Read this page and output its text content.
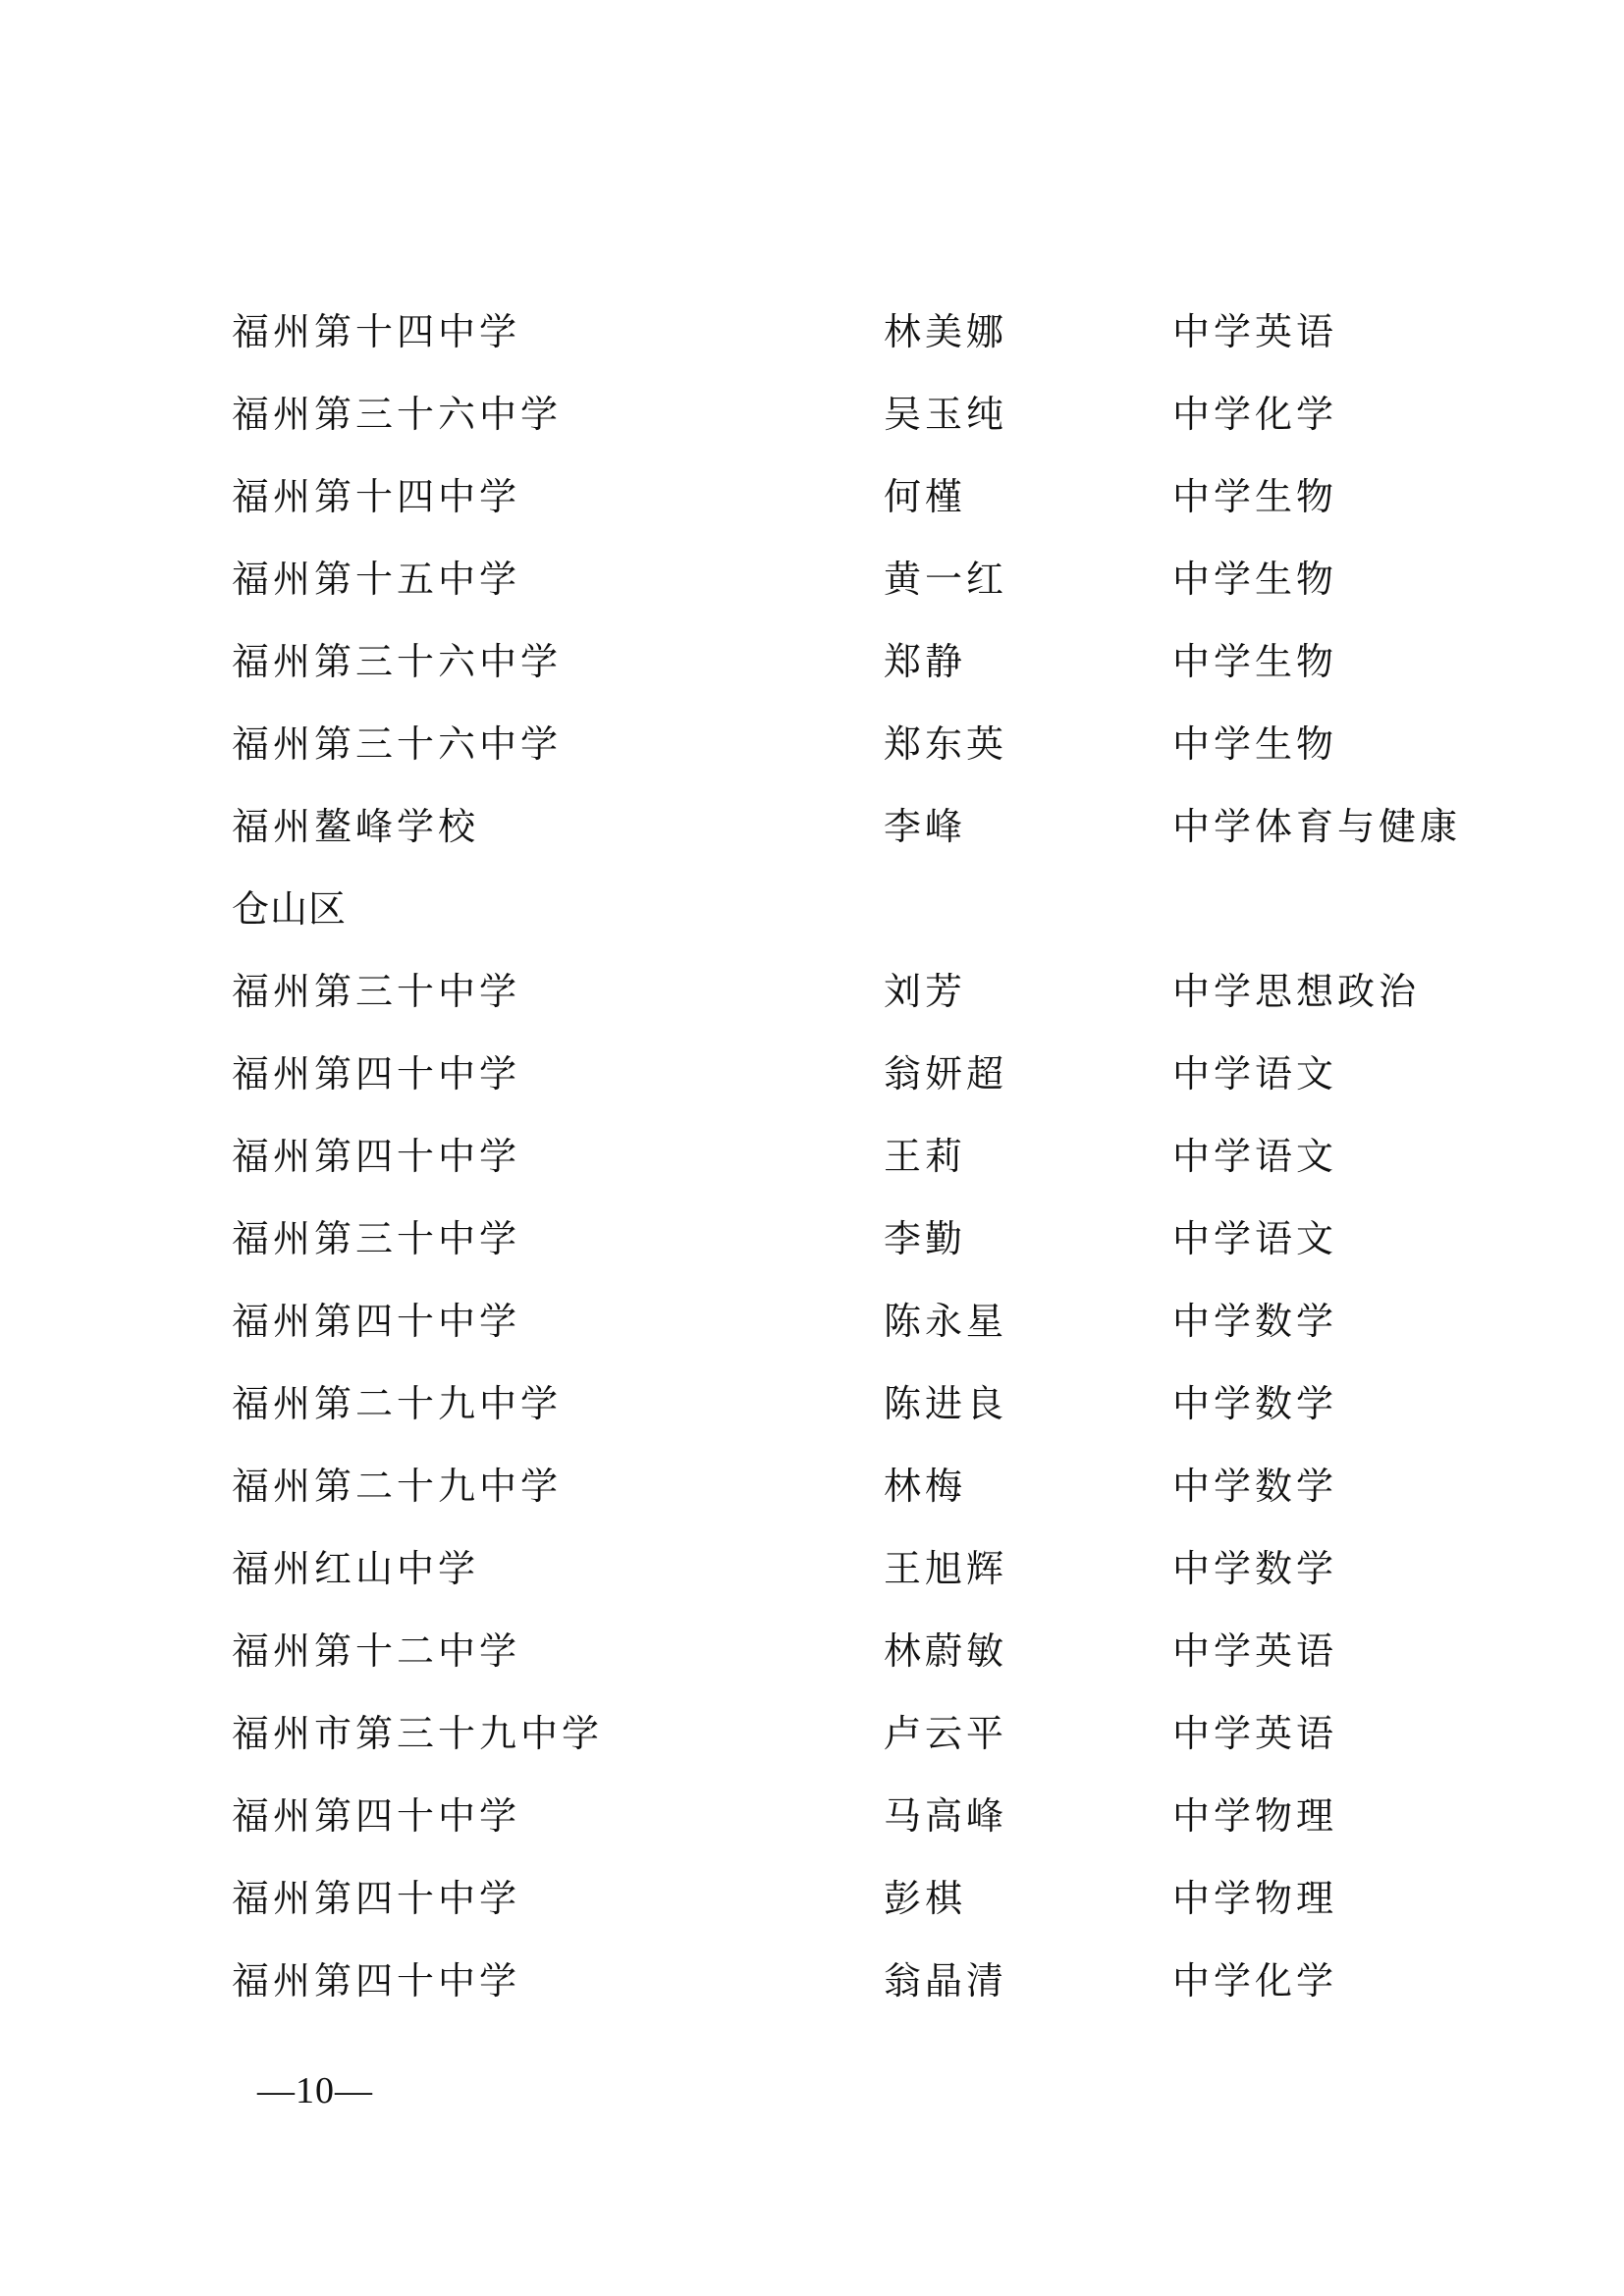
福州第十四中学	林美娜	中学英语
福州第三十六中学	吴玉纯	中学化学
福州第十四中学	何槿	中学生物
福州第十五中学	黄一红	中学生物
福州第三十六中学	郑静	中学生物
福州第三十六中学	郑东英	中学生物
福州鳌峰学校	李峰	中学体育与健康
仓山区
福州第三十中学	刘芳	中学思想政治
福州第四十中学	翁妍超	中学语文
福州第四十中学	王莉	中学语文
福州第三十中学	李勤	中学语文
福州第四十中学	陈永星	中学数学
福州第二十九中学	陈进良	中学数学
福州第二十九中学	林梅	中学数学
福州红山中学	王旭辉	中学数学
福州第十二中学	林蔚敏	中学英语
福州市第三十九中学	卢云平	中学英语
福州第四十中学	马高峰	中学物理
福州第四十中学	彭棋	中学物理
福州第四十中学	翁晶清	中学化学
—10—
